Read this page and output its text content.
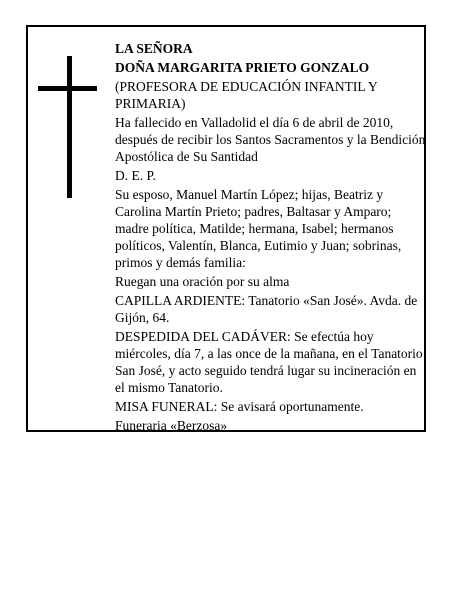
LA SEÑORA

DOÑA MARGARITA PRIETO GONZALO

(PROFESORA DE EDUCACIÓN INFANTIL Y PRIMARIA)

Ha fallecido en Valladolid el día 6 de abril de 2010, después de recibir los Santos Sacramentos y la Bendición Apostólica de Su Santidad

D. E. P.

Su esposo, Manuel Martín López; hijas, Beatriz y Carolina Martín Prieto; padres, Baltasar y Amparo; madre política, Matilde; hermana, Isabel; hermanos políticos, Valentín, Blanca, Eutimio y Juan; sobrinas, primos y demás familia:

Ruegan una oración por su alma

CAPILLA ARDIENTE: Tanatorio «San José». Avda. de Gijón, 64.

DESPEDIDA DEL CADÁVER: Se efectúa hoy miércoles, día 7, a las once de la mañana, en el Tanatorio San José, y acto seguido tendrá lugar su incineración en el mismo Tanatorio.

MISA FUNERAL: Se avisará oportunamente.

Funeraria «Berzosa»
